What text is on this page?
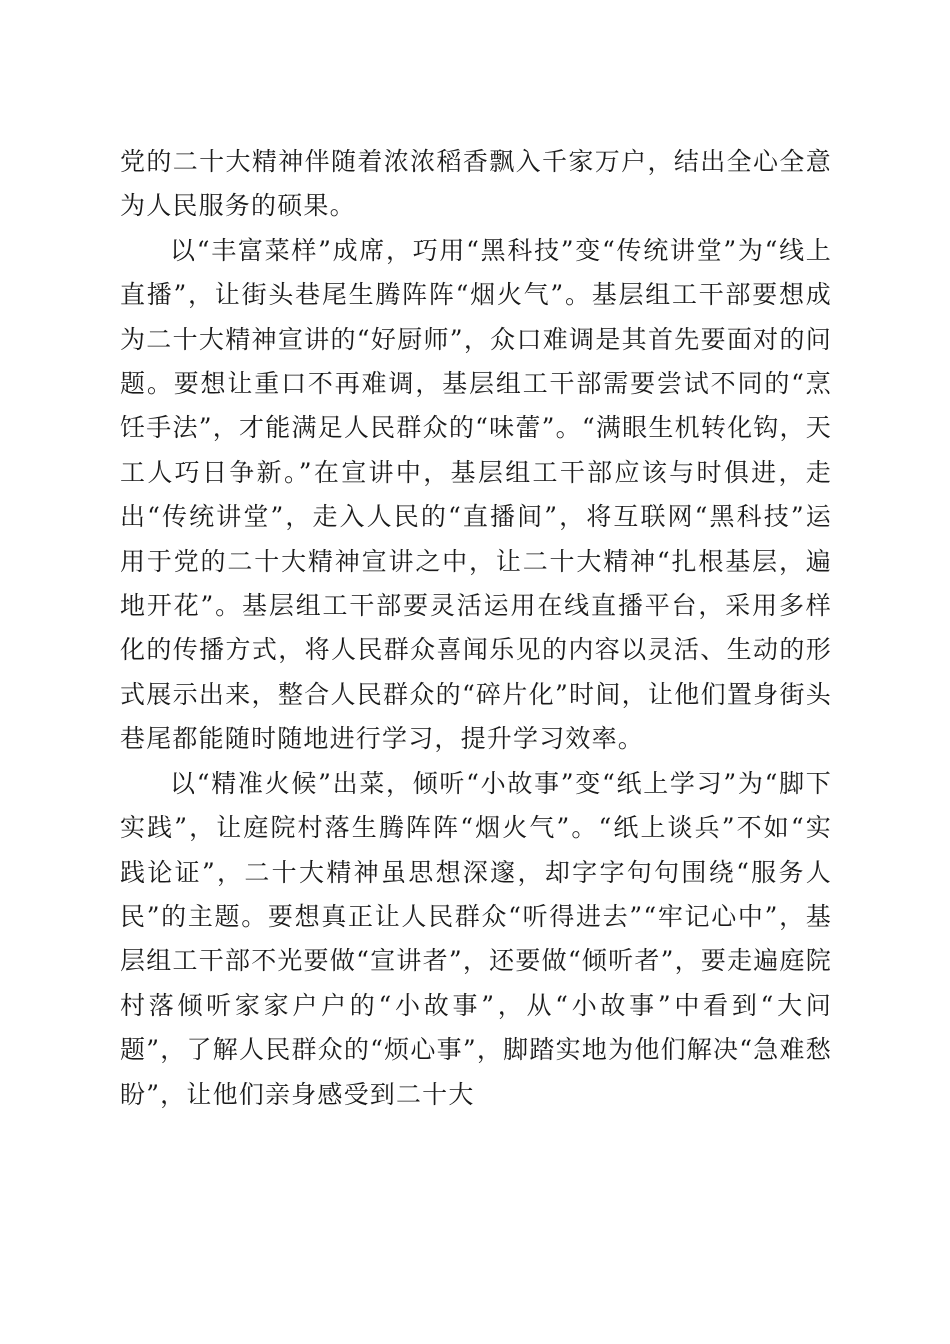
党的二十大精神伴随着浓浓稻香飘入千家万户，结出全心全意为人民服务的硕果。

以“丰富菜样”成席，巧用“黑科技”变“传统讲堂”为“线上直播”，让街头巷尾生腾阵阵“烟火气”。基层组工干部要想成为二十大精神宣讲的“好厨师”，众口难调是其首先要面对的问题。要想让重口不再难调，基层组工干部需要尝试不同的“烹饪手法”，才能满足人民群众的“味蕾”。“满眼生机转化钩，天工人巧日争新。”在宣讲中，基层组工干部应该与时俱进，走出“传统讲堂”，走入人民的“直播间”，将互联网“黑科技”运用于党的二十大精神宣讲之中，让二十大精神“扎根基层，遍地开花”。基层组工干部要灵活运用在线直播平台，采用多样化的传播方式，将人民群众喜闻乐见的内容以灵活、生动的形式展示出来，整合人民群众的“碎片化”时间，让他们置身街头巷尾都能随时随地进行学习，提升学习效率。

以“精准火候”出菜，倾听“小故事”变“纸上学习”为“脚下实践”，让庭院村落生腾阵阵“烟火气”。“纸上谈兵”不如“实践论证”，二十大精神虽思想深邃，却字字句句围绕“服务人民”的主题。要想真正让人民群众“听得进去”“牢记心中”，基层组工干部不光要做“宣讲者”，还要做“倾听者”，要走遍庭院村落倾听家家户户的“小故事”，从“小故事”中看到“大问题”，了解人民群众的“烦心事”，脚踏实地为他们解决“急难愁盼”，让他们亲身感受到二十大
